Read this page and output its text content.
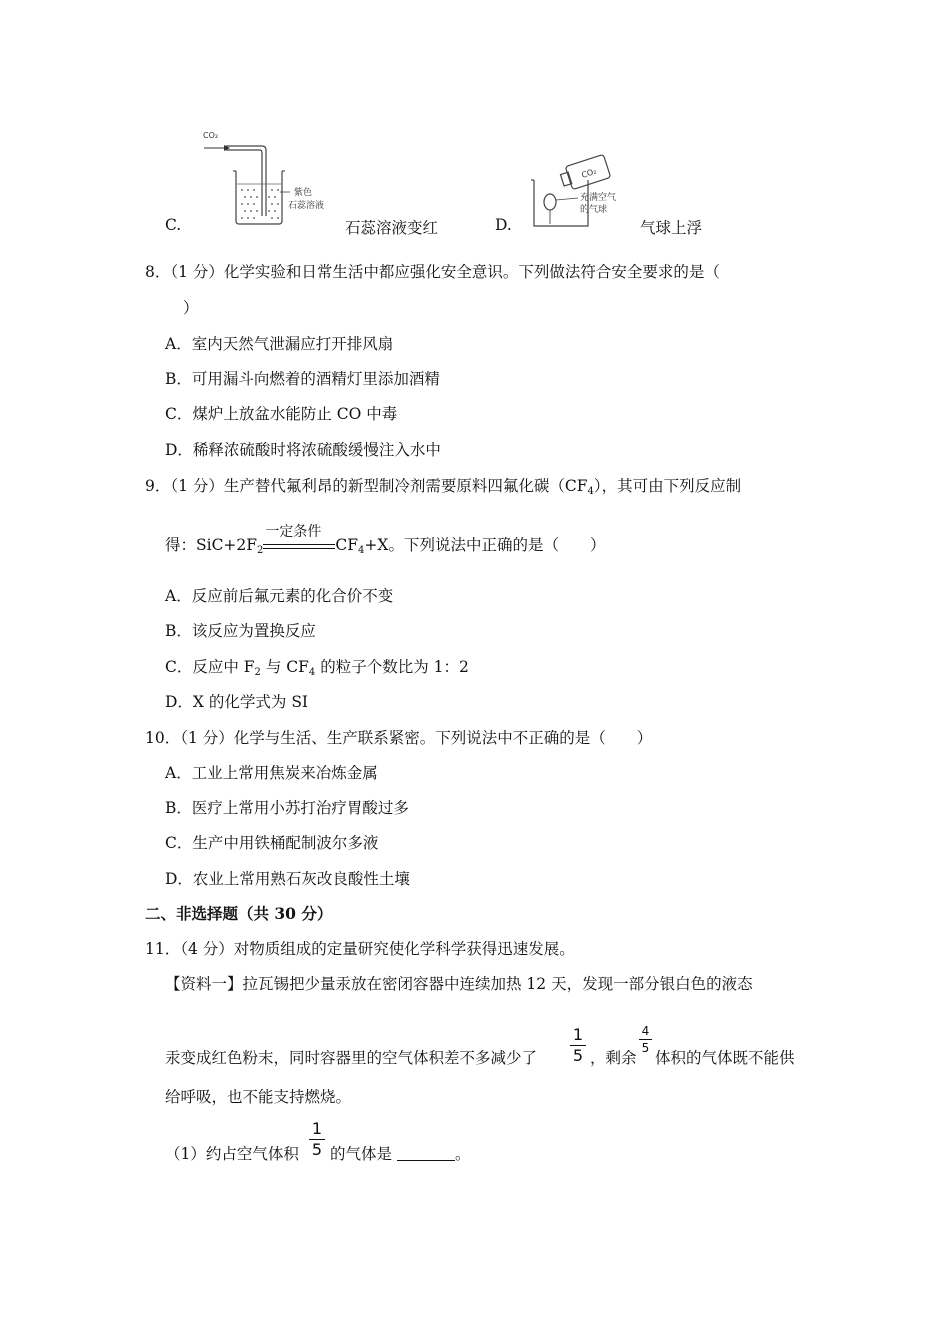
C.
CO₂
紫色
石蕊溶液
石蕊溶液变红	D.
CO₂
充满空气
的气球
气球上浮
8．（1 分）化学实验和日常生活中都应强化安全意识。下列做法符合安全要求的是（
）
A．室内天然气泄漏应打开排风扇
B．可用漏斗向燃着的酒精灯里添加酒精
C．煤炉上放盆水能防止 CO 中毒
D．稀释浓硫酸时将浓硫酸缓慢注入水中
9．（1 分）生产替代氟利昂的新型制冷剂需要原料四氟化碳$(CF_4)$，其可由下列反应制
得：$SiC+2F_2$
一定条件
$CF_4+X$。下列说法中正确的是（　　）
A．反应前后氟元素的化合价不变
B．该反应为置换反应
C．反应中 $F_2$ 与 $CF_4$ 的粒子个数比为 1：2
D．X 的化学式为 SI
10．（1 分）化学与生活、生产联系紧密。下列说法中不正确的是（　　）
A．工业上常用焦炭来冶炼金属
B．医疗上常用小苏打治疗胃酸过多
C．生产中用铁桶配制波尔多液
D．农业上常用熟石灰改良酸性土壤
二、非选择题（共 30 分）
11．（4 分）对物质组成的定量研究使化学科学获得迅速发展。
【资料一】拉瓦锡把少量汞放在密闭容器中连续加热 12 天，发现一部分银白色的液态
汞变成红色粉末，同时容器里的空气体积差不多减少了
1
5 ，剩余
4
5
体积的气体既不能供
给呼吸，也不能支持燃烧。
（1）约占空气体积
1
5 的气体是	。
